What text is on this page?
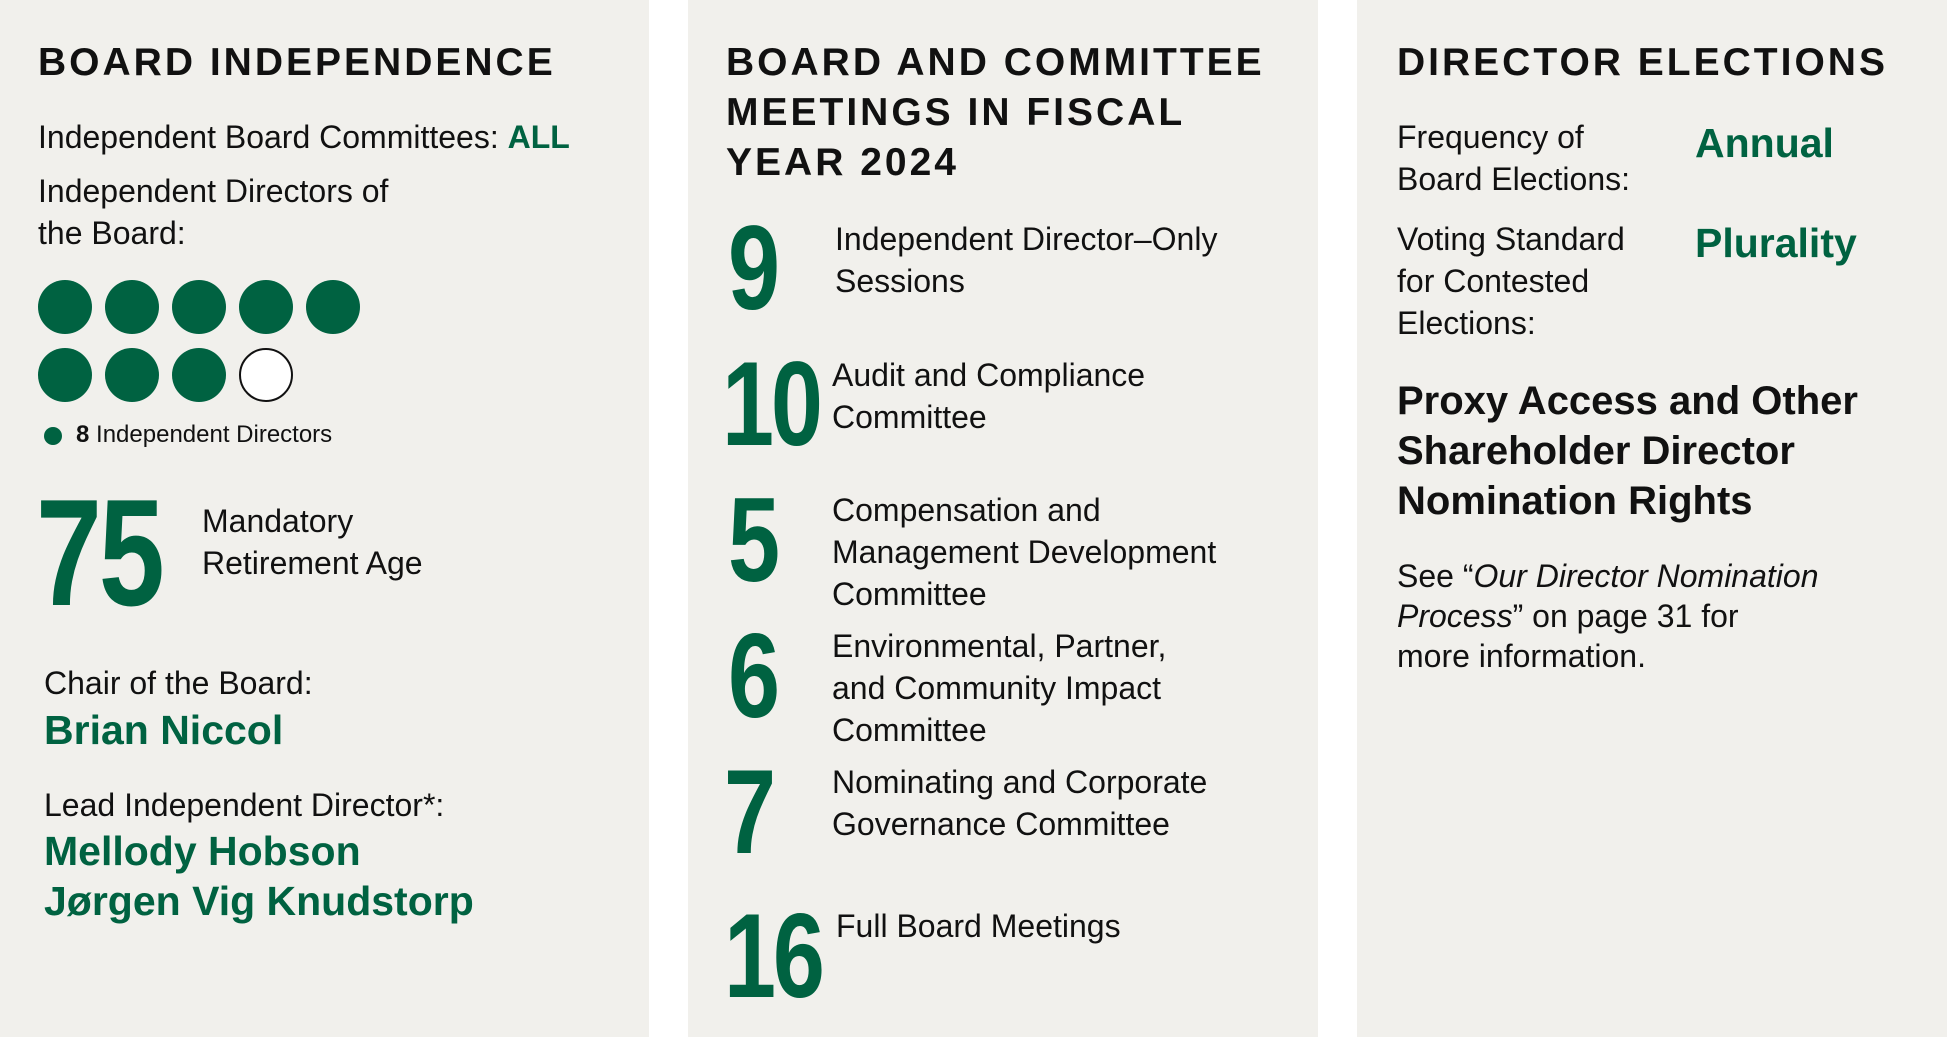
BOARD INDEPENDENCE

Independent Board Committees: ALL

Independent Directors of
the Board:

8 Independent Directors

75 Mandatory
Retirement Age

Chair of the Board:

Brian Niccol

Lead Independent Director*:

Mellody Hobson
Jørgen Vig Knudstorp

BOARD AND COMMITTEE
MEETINGS IN FISCAL
YEAR 2024
9 Independent Director–Only
Sessions

10 Audit and Compliance
Committee

5 Compensation and
Management Development
Committee

6 Environmental, Partner,
and Community Impact
Committee

7 Nominating and Corporate
Governance Committee

16 Full Board Meetings

DIRECTOR ELECTIONS

Frequency of
Board Elections:

Annual

Voting Standard
for Contested
Elections:

Plurality

Proxy Access and Other
Shareholder Director
Nomination Rights

See “Our Director Nomination
Process” on page 31 for
more information.
